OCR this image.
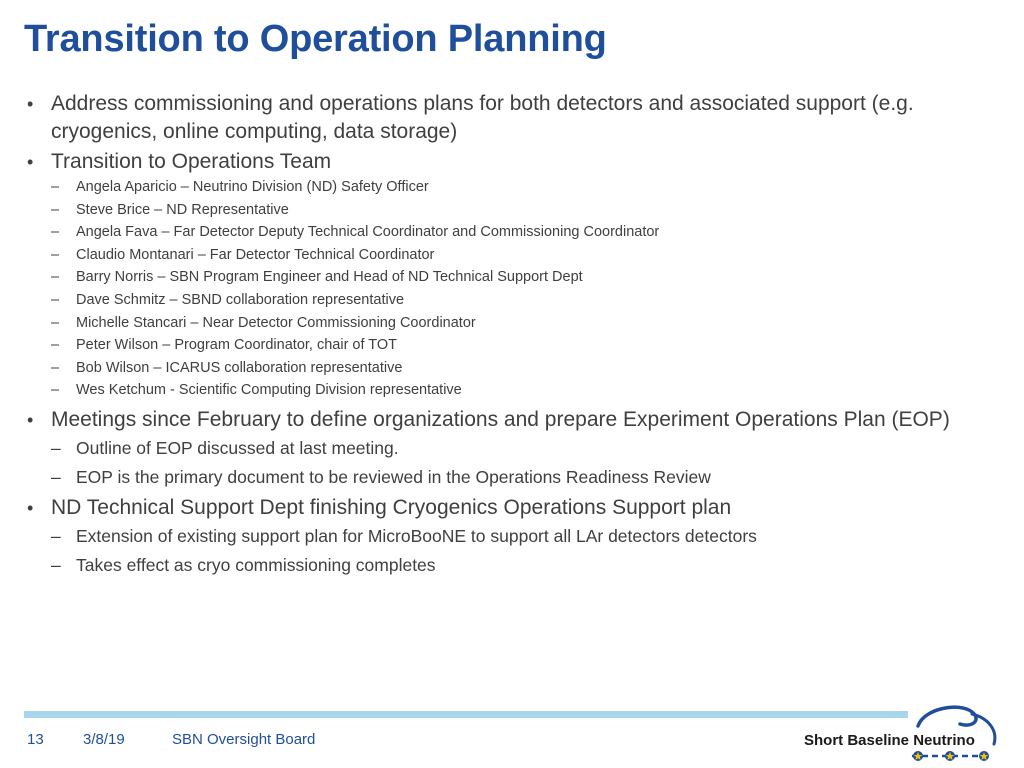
Transition to Operation Planning
• Address commissioning and operations plans for both detectors and associated support (e.g. cryogenics, online computing, data storage)
• Transition to Operations Team
– Angela Aparicio – Neutrino Division (ND) Safety Officer
– Steve Brice – ND Representative
– Angela Fava – Far Detector Deputy Technical Coordinator and Commissioning Coordinator
– Claudio Montanari – Far Detector Technical Coordinator
– Barry Norris – SBN Program Engineer and Head of ND Technical Support Dept
– Dave Schmitz – SBND collaboration representative
– Michelle Stancari – Near Detector Commissioning Coordinator
– Peter Wilson – Program Coordinator, chair of TOT
– Bob Wilson – ICARUS collaboration representative
– Wes Ketchum - Scientific Computing Division representative
• Meetings since February to define organizations and prepare Experiment Operations Plan (EOP)
– Outline of EOP discussed at last meeting.
– EOP is the primary document to be reviewed in the Operations Readiness Review
• ND Technical Support Dept finishing Cryogenics Operations Support plan
– Extension of existing support plan for MicroBooNE to support all LAr detectors detectors
– Takes effect as cryo commissioning completes
13	3/8/19	SBN Oversight Board	Short Baseline Neutrino
